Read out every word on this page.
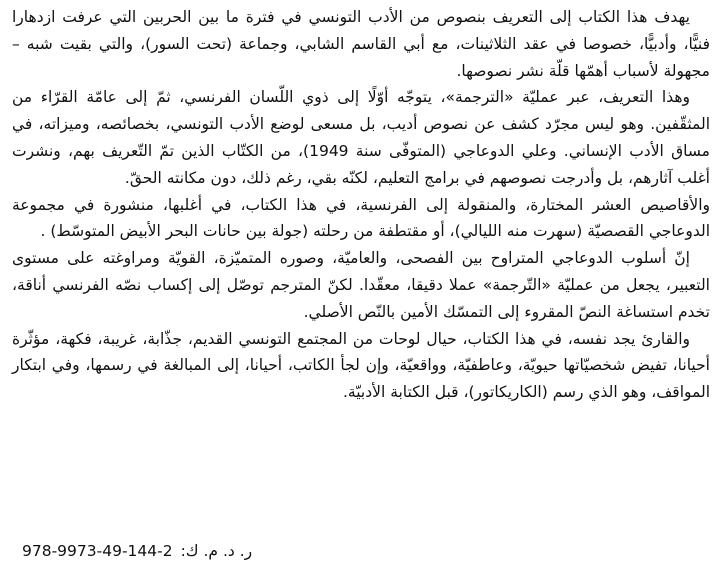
يهدف هذا الكتاب إلى التعريف بنصوص من الأدب التونسي في فترة ما بين الحربين التي عرفت ازدهارا فنيًّا، وأدبيًّا، خصوصا في عقد الثلاثينات، مع أبي القاسم الشابي، وجماعة (تحت السور)، والتي بقيت شبه – مجهولة لأسباب أهمّها قلّة نشر نصوصها.

وهذا التعريف، عبر عمليّة «الترجمة»، يتوجّه أوّلًا إلى ذوي اللّسان الفرنسي، ثمّ إلى عامّة القرّاء من المثقّفين. وهو ليس مجرّد كشف عن نصوص أديب، بل مسعى لوضع الأدب التونسي، بخصائصه، وميزاته، في مساق الأدب الإنساني. وعلي الدوعاجي (المتوفّى سنة 1949)، من الكتّاب الذين تمّ التّعريف بهم، ونشرت أغلب آثارهم، بل وأدرجت نصوصهم في برامج التعليم، لكنّه بقي، رغم ذلك، دون مكانته الحقّ.

والأقاصيص العشر المختارة، والمنقولة إلى الفرنسية، في هذا الكتاب، في أغلبها، منشورة في مجموعة الدوعاجي القصصيّة (سهرت منه الليالي)، أو مقتطفة من رحلته (جولة بين حانات البحر الأبيض المتوسّط) .

إنّ أسلوب الدوعاجي المتراوح بين الفصحى، والعاميّة، وصوره المتميّزة، القويّة ومراوغته على مستوى التعبير، يجعل من عمليّة «التّرجمة» عملا دقيقا، معقّدا. لكنّ المترجم توصّل إلى إكساب نصّه الفرنسي أناقة، تخدم استساغة النصّ المقروء إلى التمسّك الأمين بالنّص الأصلي.

والقارئ يجد نفسه، في هذا الكتاب، حيال لوحات من المجتمع التونسي القديم، جذّابة، غريبة، فكهة، مؤثّرة أحيانا، تفيض شخصيّاتها حيويّة، وعاطفيّة، وواقعيّة، وإن لجأ الكاتب، أحيانا، إلى المبالغة في رسمها، وفي ابتكار المواقف، وهو الذي رسم (الكاريكاتور)، قبل الكتابة الأدبيّة.

ر. د. م. ك:978-9973-49-144-2
